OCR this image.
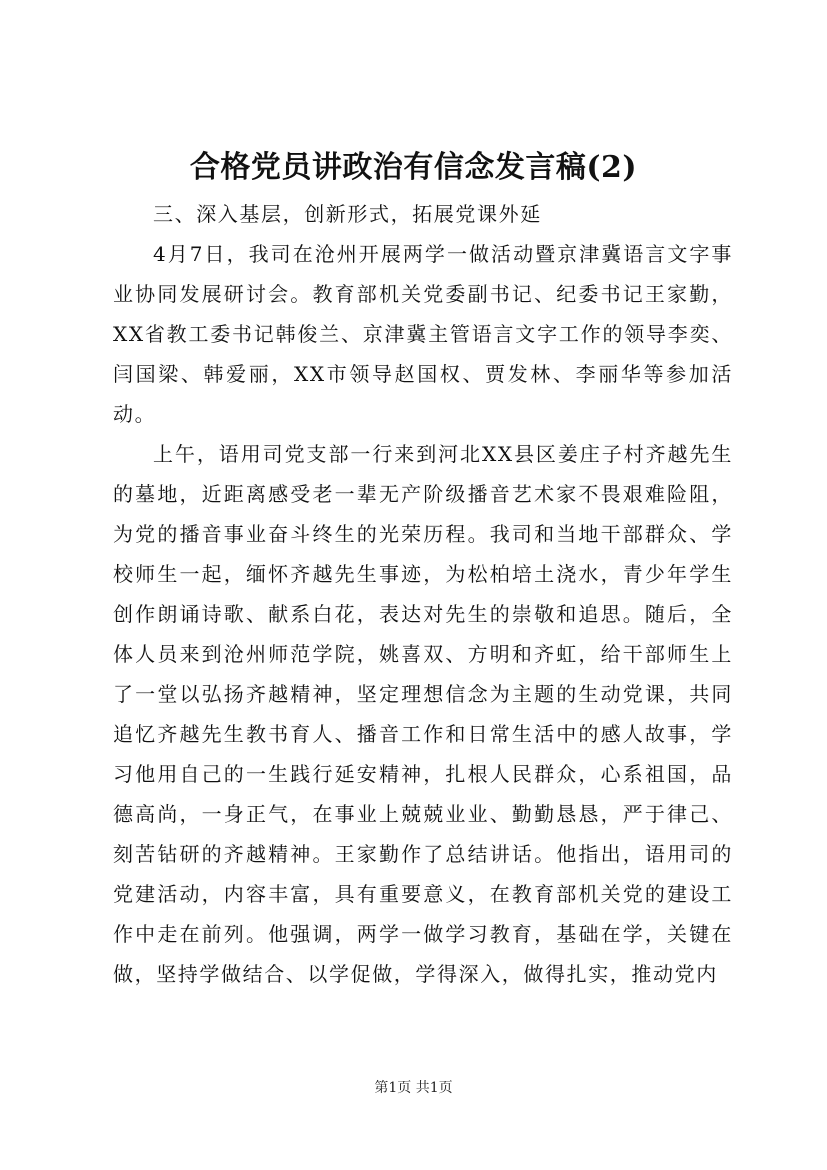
合格党员讲政治有信念发言稿(2)

三、深入基层，创新形式，拓展党课外延

4月7日，我司在沧州开展两学一做活动暨京津冀语言文字事业协同发展研讨会。教育部机关党委副书记、纪委书记王家勤，XX省教工委书记韩俊兰、京津冀主管语言文字工作的领导李奕、闫国梁、韩爱丽，XX市领导赵国权、贾发林、李丽华等参加活动。

上午，语用司党支部一行来到河北XX县区姜庄子村齐越先生的墓地，近距离感受老一辈无产阶级播音艺术家不畏艰难险阻，为党的播音事业奋斗终生的光荣历程。我司和当地干部群众、学校师生一起，缅怀齐越先生事迹，为松柏培土浇水，青少年学生创作朗诵诗歌、献系白花，表达对先生的崇敬和追思。随后，全体人员来到沧州师范学院，姚喜双、方明和齐虹，给干部师生上了一堂以弘扬齐越精神，坚定理想信念为主题的生动党课，共同追忆齐越先生教书育人、播音工作和日常生活中的感人故事，学习他用自己的一生践行延安精神，扎根人民群众，心系祖国，品德高尚，一身正气，在事业上兢兢业业、勤勤恳恳，严于律己、刻苦钻研的齐越精神。王家勤作了总结讲话。他指出，语用司的党建活动，内容丰富，具有重要意义，在教育部机关党的建设工作中走在前列。他强调，两学一做学习教育，基础在学，关键在做，坚持学做结合、以学促做，学得深入，做得扎实，推动党内

第1页 共1页
